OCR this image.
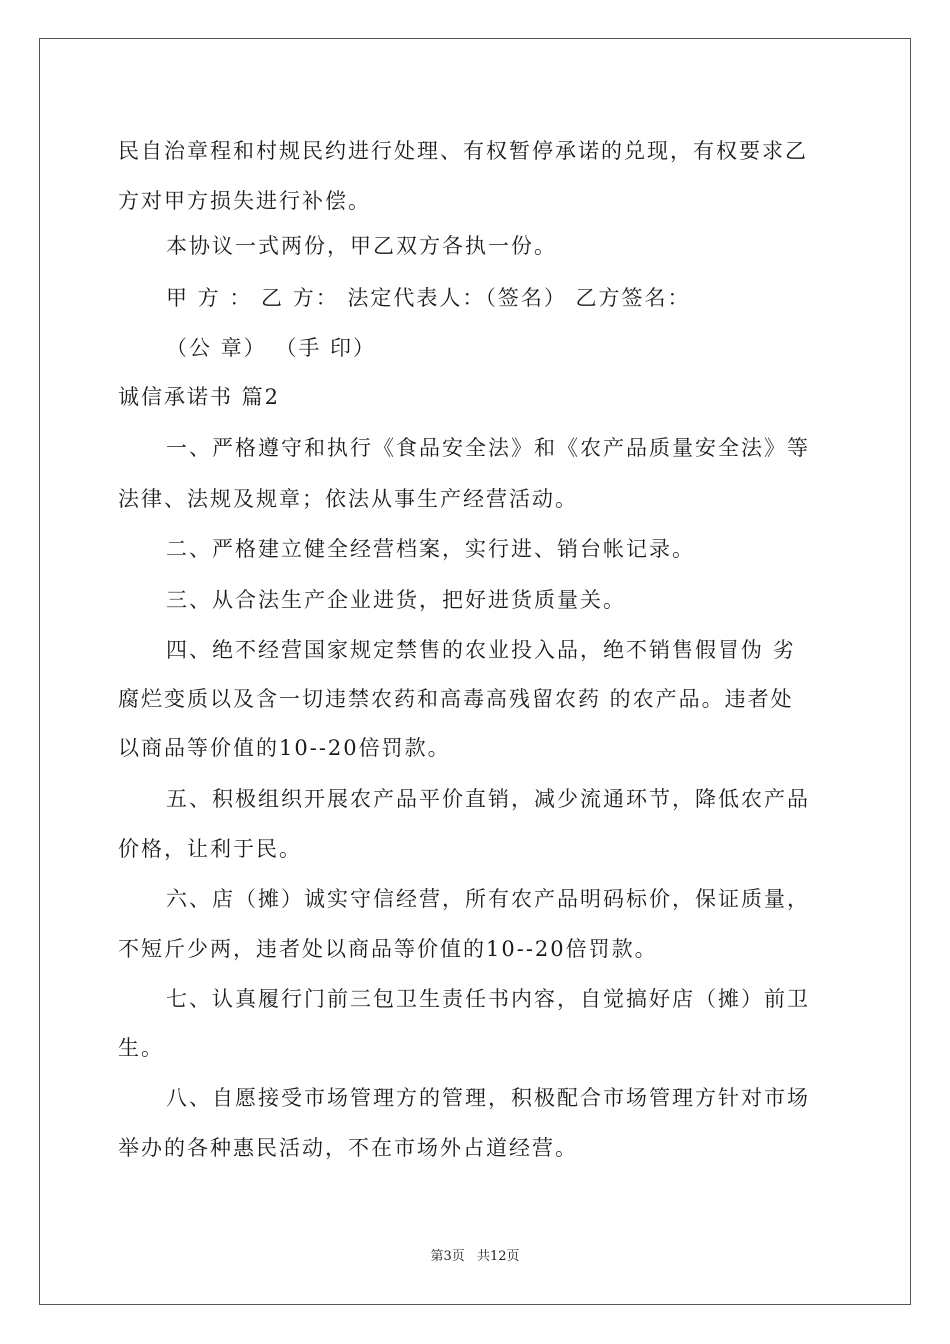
民自治章程和村规民约进行处理、有权暂停承诺的兑现，有权要求乙
方对甲方损失进行补偿。
本协议一式两份，甲乙双方各执一份。
甲 方 ： 乙 方： 法定代表人：（签名） 乙方签名：
（公 章） （手 印）
诚信承诺书 篇2
一、严格遵守和执行《食品安全法》和《农产品质量安全法》等
法律、法规及规章；依法从事生产经营活动。
二、严格建立健全经营档案，实行进、销台帐记录。
三、从合法生产企业进货，把好进货质量关。
四、绝不经营国家规定禁售的农业投入品，绝不销售假冒伪 劣
腐烂变质以及含一切违禁农药和高毒高残留农药 的农产品。违者处
以商品等价值的10--20倍罚款。
五、积极组织开展农产品平价直销，减少流通环节，降低农产品
价格，让利于民。
六、店（摊）诚实守信经营，所有农产品明码标价，保证质量，
不短斤少两，违者处以商品等价值的10--20倍罚款。
七、认真履行门前三包卫生责任书内容，自觉搞好店（摊）前卫
生。
八、自愿接受市场管理方的管理，积极配合市场管理方针对市场
举办的各种惠民活动，不在市场外占道经营。
第3页 共12页
